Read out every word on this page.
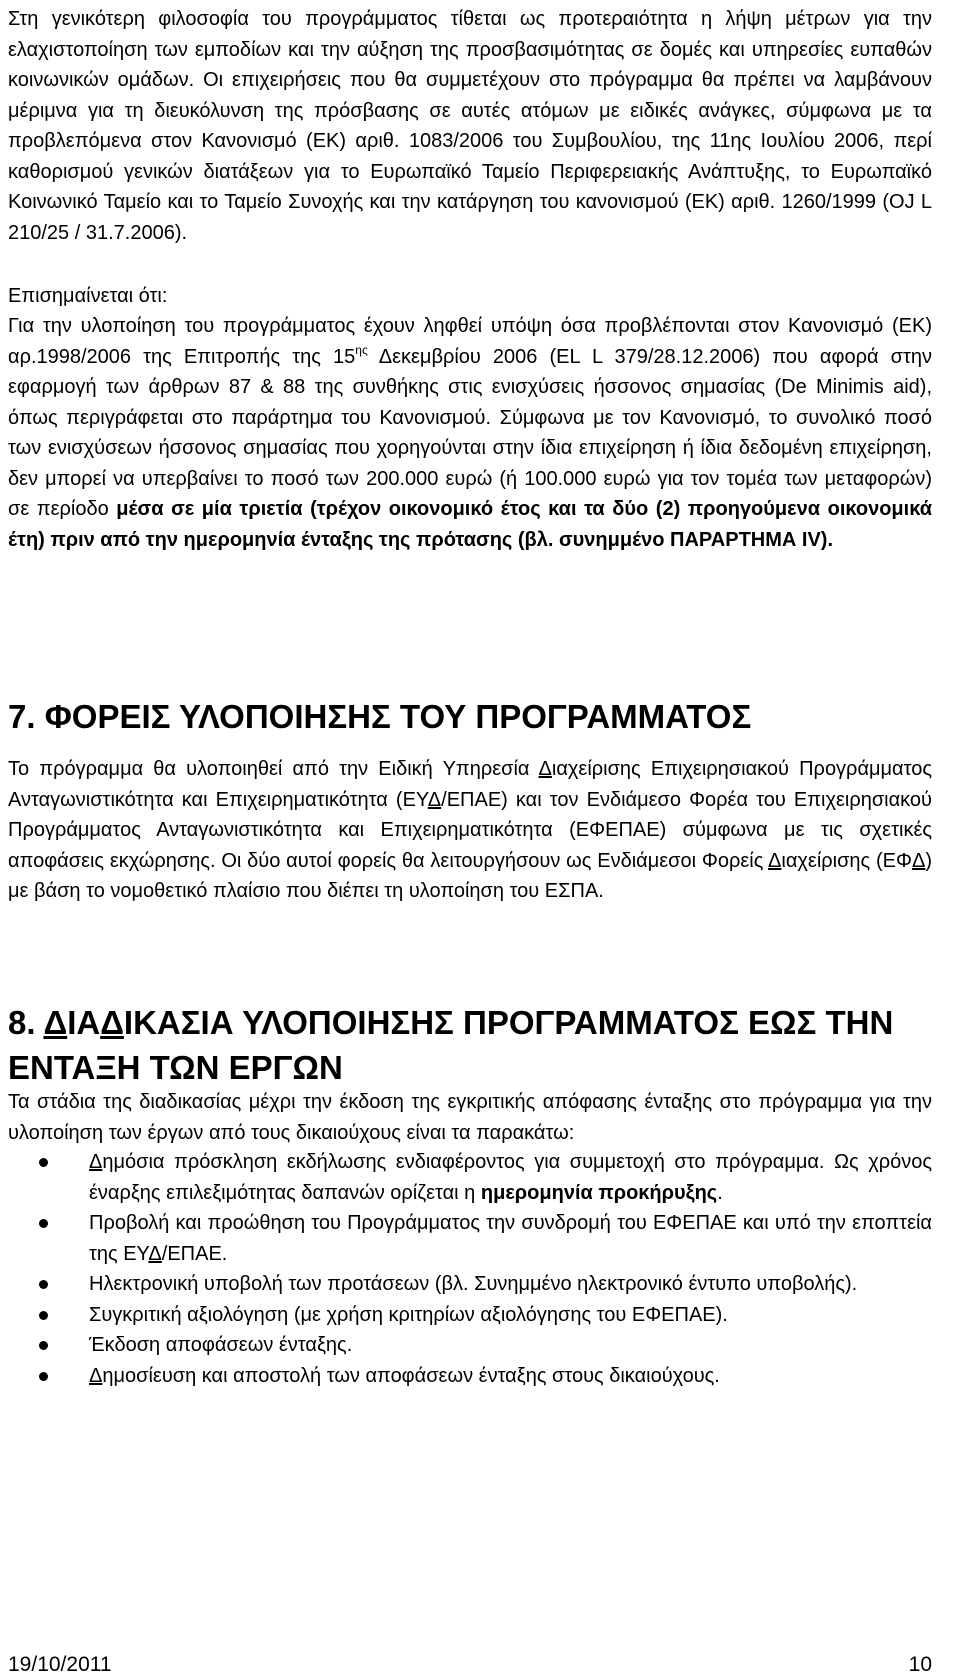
Στη γενικότερη φιλοσοφία του προγράμματος τίθεται ως προτεραιότητα η λήψη μέτρων για την ελαχιστοποίηση των εμποδίων και την αύξηση της προσβασιμότητας σε δομές και υπηρεσίες ευπαθών κοινωνικών ομάδων. Οι επιχειρήσεις που θα συμμετέχουν στο πρόγραμμα θα πρέπει να λαμβάνουν μέριμνα για τη διευκόλυνση της πρόσβασης σε αυτές ατόμων με ειδικές ανάγκες, σύμφωνα με τα προβλεπόμενα στον Κανονισμό (ΕΚ) αριθ. 1083/2006 του Συμβουλίου, της 11ης Ιουλίου 2006, περί καθορισμού γενικών διατάξεων για το Ευρωπαϊκό Ταμείο Περιφερειακής Ανάπτυξης, το Ευρωπαϊκό Κοινωνικό Ταμείο και το Ταμείο Συνοχής και την κατάργηση του κανονισμού (ΕΚ) αριθ. 1260/1999 (OJ L 210/25 / 31.7.2006).

Επισημαίνεται ότι:

Για την υλοποίηση του προγράμματος έχουν ληφθεί υπόψη όσα προβλέπονται στον Κανονισμό (ΕΚ) αρ.1998/2006 της Επιτροπής της $15^{\eta\varsigma}$ Δεκεμβρίου 2006 (EL L 379/28.12.2006) που αφορά στην εφαρμογή των άρθρων 87 & 88 της συνθήκης στις ενισχύσεις ήσσονος σημασίας (De Minimis aid), όπως περιγράφεται στο παράρτημα του Κανονισμού. Σύμφωνα με τον Κανονισμό, το συνολικό ποσό των ενισχύσεων ήσσονος σημασίας που χορηγούνται στην ίδια επιχείρηση ή ίδια δεδομένη επιχείρηση, δεν μπορεί να υπερβαίνει το ποσό των 200.000 ευρώ (ή 100.000 ευρώ για τον τομέα των μεταφορών) σε περίοδο μέσα σε μία τριετία (τρέχον οικονομικό έτος και τα δύο (2) προηγούμενα οικονομικά έτη) πριν από την ημερομηνία ένταξης της πρότασης (βλ. συνημμένο ΠΑΡΑΡΤΗΜΑ IV).

7. ΦΟΡΕΙΣ ΥΛΟΠΟΙΗΣΗΣ ΤΟΥ ΠΡΟΓΡΑΜΜΑΤΟΣ

Το πρόγραμμα θα υλοποιηθεί από την Ειδική Υπηρεσία Διαχείρισης Επιχειρησιακού Προγράμματος Ανταγωνιστικότητα και Επιχειρηματικότητα (ΕΥΔ/ΕΠΑΕ) και τον Ενδιάμεσο Φορέα του Επιχειρησιακού Προγράμματος Ανταγωνιστικότητα και Επιχειρηματικότητα (ΕΦΕΠΑΕ) σύμφωνα με τις σχετικές αποφάσεις εκχώρησης. Οι δύο αυτοί φορείς θα λειτουργήσουν ως Ενδιάμεσοι Φορείς Διαχείρισης (ΕΦΔ) με βάση το νομοθετικό πλαίσιο που διέπει τη υλοποίηση του ΕΣΠΑ.

8. ΔΙΑΔΙΚΑΣΙΑ ΥΛΟΠΟΙΗΣΗΣ ΠΡΟΓΡΑΜΜΑΤΟΣ ΕΩΣ ΤΗΝ ΕΝΤΑΞΗ ΤΩΝ ΕΡΓΩΝ

Τα στάδια της διαδικασίας μέχρι την έκδοση της εγκριτικής απόφασης ένταξης στο πρόγραμμα για την υλοποίηση των έργων από τους δικαιούχους είναι τα παρακάτω:

Δημόσια πρόσκληση εκδήλωσης ενδιαφέροντος για συμμετοχή στο πρόγραμμα. Ως χρόνος έναρξης επιλεξιμότητας δαπανών ορίζεται η ημερομηνία προκήρυξης.
Προβολή και προώθηση του Προγράμματος την συνδρομή του ΕΦΕΠΑΕ και υπό την εποπτεία της ΕΥΔ/ΕΠΑΕ.
Ηλεκτρονική υποβολή των προτάσεων (βλ. Συνημμένο ηλεκτρονικό έντυπο υποβολής).
Συγκριτική αξιολόγηση (με χρήση κριτηρίων αξιολόγησης του ΕΦΕΠΑΕ).
Έκδοση αποφάσεων ένταξης.
Δημοσίευση και αποστολή των αποφάσεων ένταξης στους δικαιούχους.
19/10/2011	10
